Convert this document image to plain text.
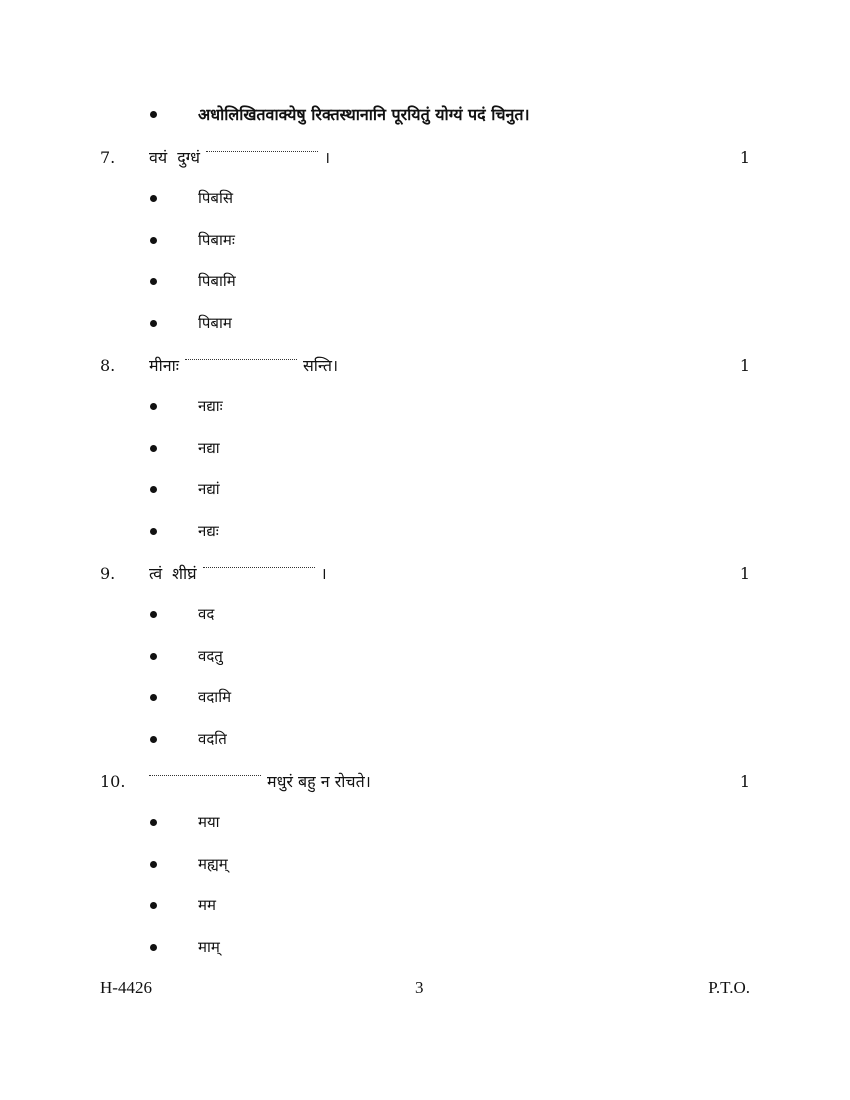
अधोलिखितवाक्येषु रिक्तस्थानानि पूरयितुं योग्यं पदं चिनुत।
7. वयं दुग्धं	।	1
पिबसि
पिबामः
पिबामि
पिबाम
8. मीनाः	सन्ति।	1
नद्याः
नद्या
नद्यां
नद्यः
9. त्वं शीघ्रं	।	1
वद
वदतु
वदामि
वदति
10.	मधुरं बहु न रोचते।	1
मया
मह्यम्
मम
माम्
H-4426	3	P.T.O.
